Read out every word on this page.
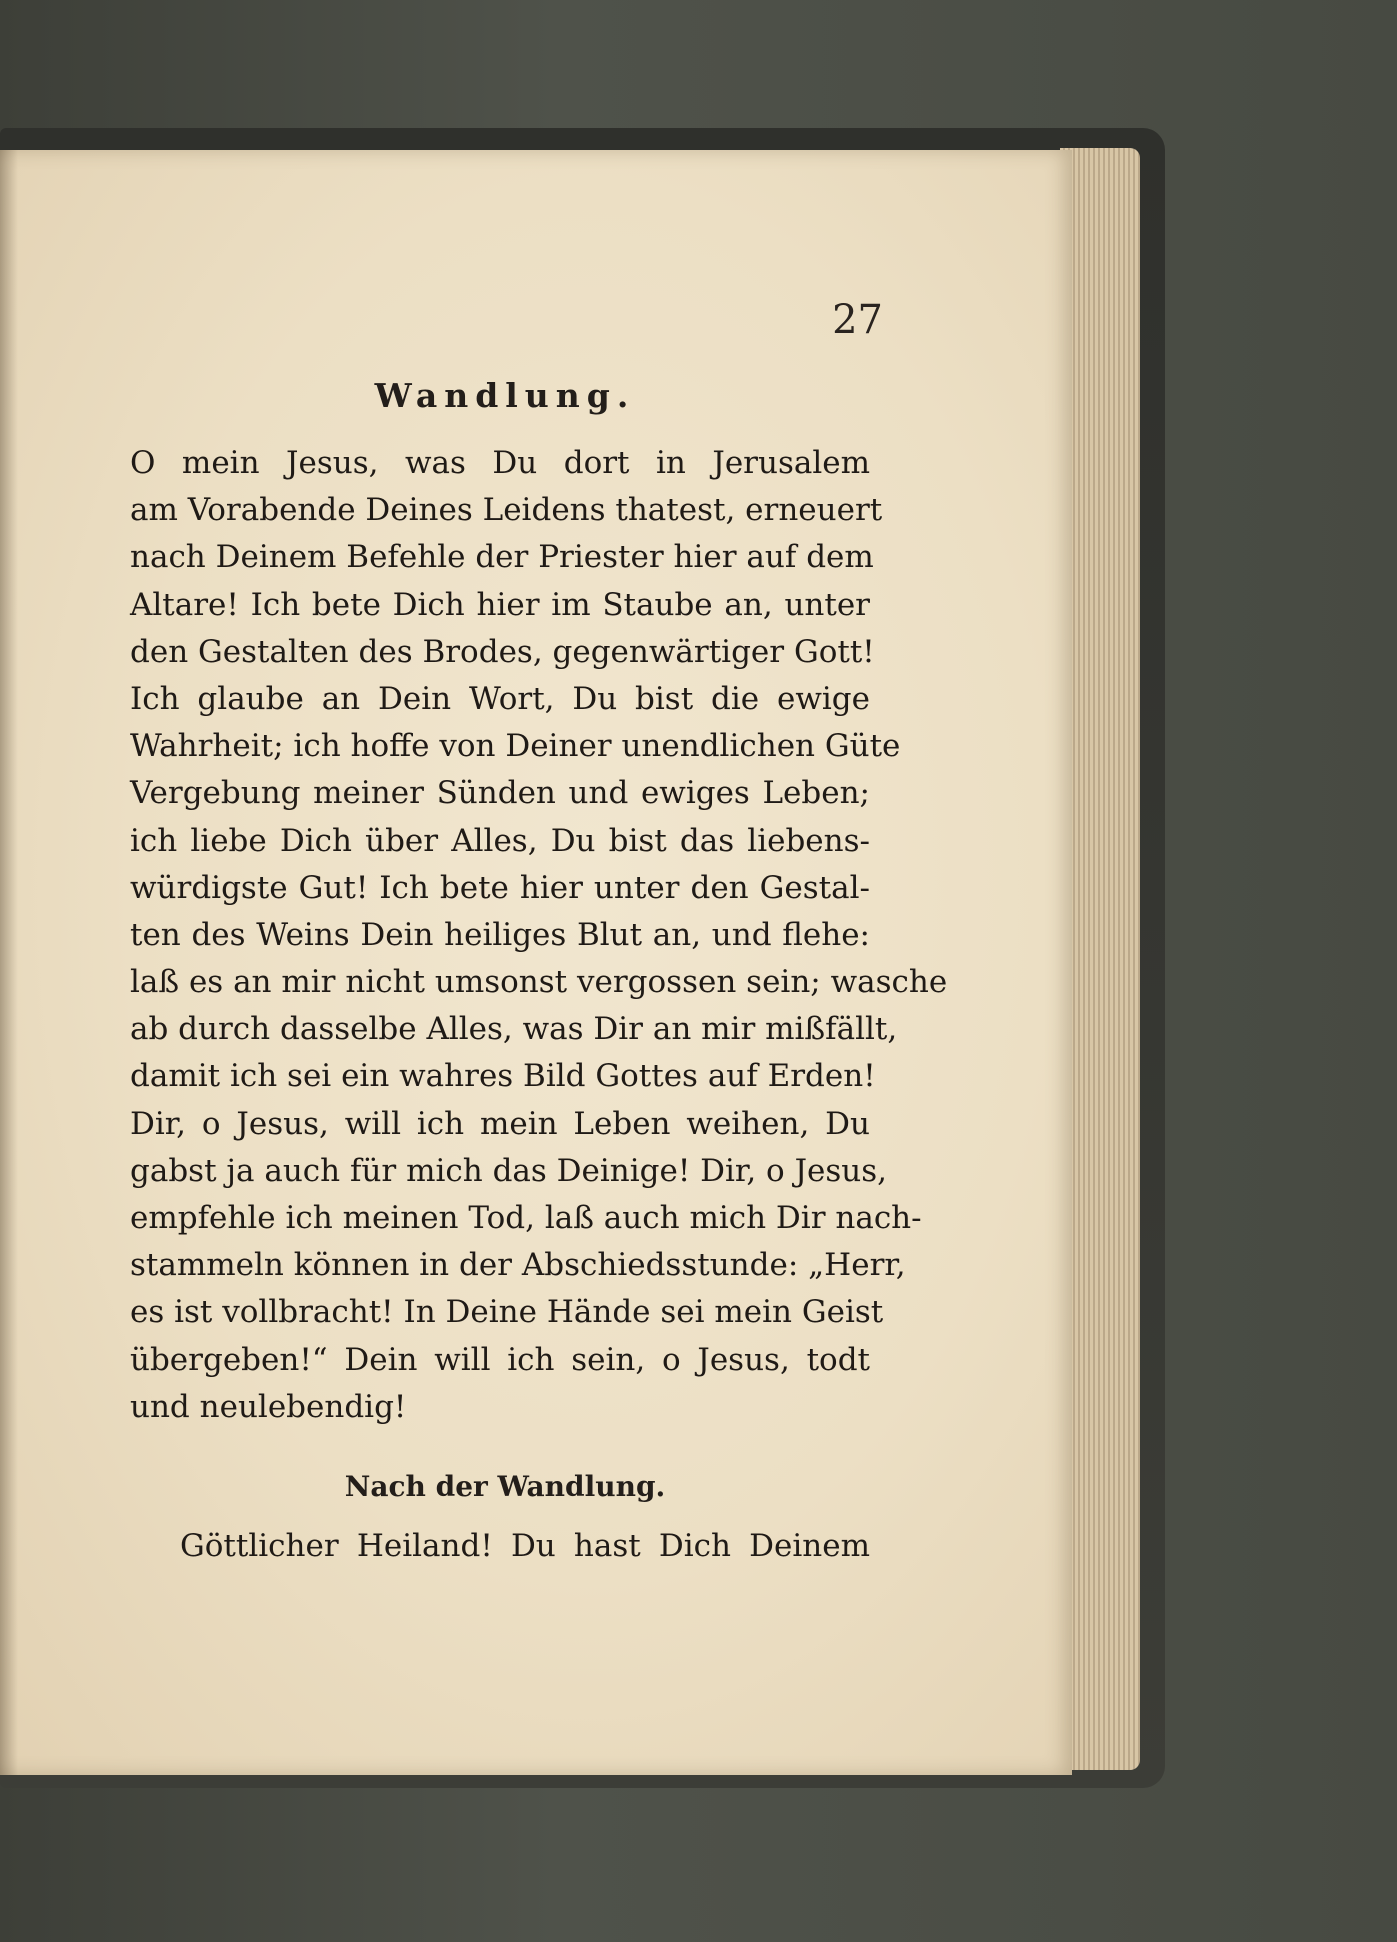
27
Wandlung.
O mein Jesus, was Du dort in Jerusalem
am Vorabende Deines Leidens thatest, erneuert
nach Deinem Befehle der Priester hier auf dem
Altare! Ich bete Dich hier im Staube an, unter
den Gestalten des Brodes, gegenwärtiger Gott!
Ich glaube an Dein Wort, Du bist die ewige
Wahrheit; ich hoffe von Deiner unendlichen Güte
Vergebung meiner Sünden und ewiges Leben;
ich liebe Dich über Alles, Du bist das liebens-
würdigste Gut! Ich bete hier unter den Gestal-
ten des Weins Dein heiliges Blut an, und flehe:
laß es an mir nicht umsonst vergossen sein; wasche
ab durch dasselbe Alles, was Dir an mir mißfällt,
damit ich sei ein wahres Bild Gottes auf Erden!
Dir, o Jesus, will ich mein Leben weihen, Du
gabst ja auch für mich das Deinige! Dir, o Jesus,
empfehle ich meinen Tod, laß auch mich Dir nach-
stammeln können in der Abschiedsstunde: „Herr,
es ist vollbracht! In Deine Hände sei mein Geist
übergeben!“ Dein will ich sein, o Jesus, todt
und neulebendig!
Nach der Wandlung.
Göttlicher Heiland! Du hast Dich Deinem
